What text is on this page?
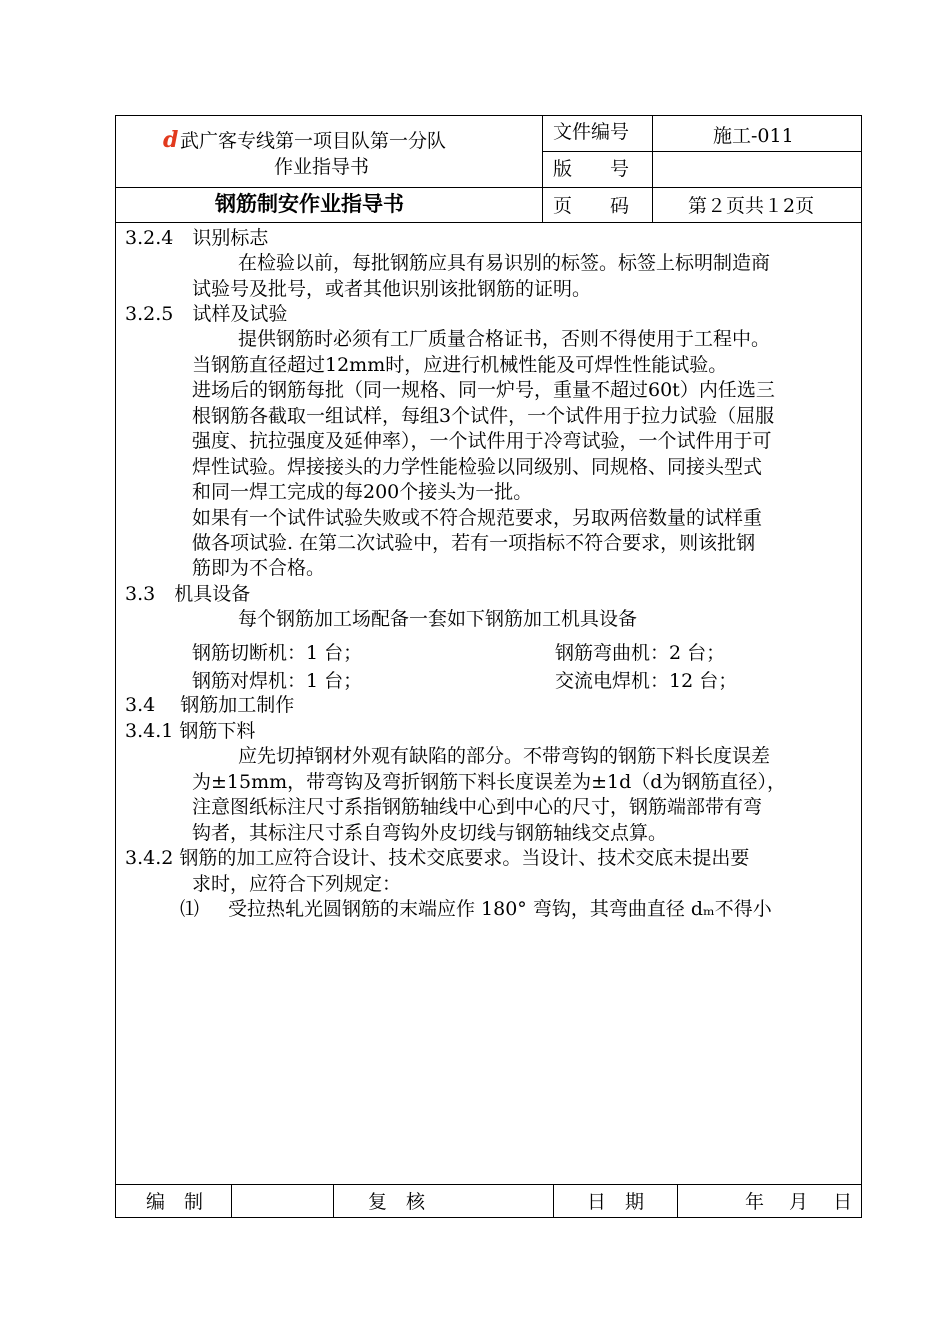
d 武广客专线第一项目队第一分队
作业指导书
文件编号	施工-011
版　　号
钢筋制安作业指导书	页　　码	第２页共１2页
3.2.4　识别标志
在检验以前，每批钢筋应具有易识别的标签。标签上标明制造商
试验号及批号，或者其他识别该批钢筋的证明。
3.2.5　试样及试验
提供钢筋时必须有工厂质量合格证书，否则不得使用于工程中。
当钢筋直径超过12mm时，应进行机械性能及可焊性性能试验。
进场后的钢筋每批（同一规格、同一炉号，重量不超过60t）内任选三
根钢筋各截取一组试样，每组3个试件，一个试件用于拉力试验（屈服
强度、抗拉强度及延伸率），一个试件用于冷弯试验，一个试件用于可
焊性试验。焊接接头的力学性能检验以同级别、同规格、同接头型式
和同一焊工完成的每200个接头为一批。
如果有一个试件试验失败或不符合规范要求，另取两倍数量的试样重
做各项试验. 在第二次试验中，若有一项指标不符合要求，则该批钢
筋即为不合格。
3.3　机具设备
每个钢筋加工场配备一套如下钢筋加工机具设备
钢筋切断机：1 台；	钢筋弯曲机：2 台；
钢筋对焊机：1 台；	交流电焊机：12 台；
3.4　 钢筋加工制作
3.4.1 钢筋下料
应先切掉钢材外观有缺陷的部分。不带弯钩的钢筋下料长度误差
为±15mm，带弯钩及弯折钢筋下料长度误差为±1d（d为钢筋直径），
注意图纸标注尺寸系指钢筋轴线中心到中心的尺寸，钢筋端部带有弯
钩者，其标注尺寸系自弯钩外皮切线与钢筋轴线交点算。
3.4.2 钢筋的加工应符合设计、技术交底要求。当设计、技术交底未提出要
求时，应符合下列规定：
⑴ 受拉热轧光圆钢筋的末端应作 180° 弯钩，其弯曲直径 dₘ不得小
编　制	复　核	日　期	年　 月　 日
